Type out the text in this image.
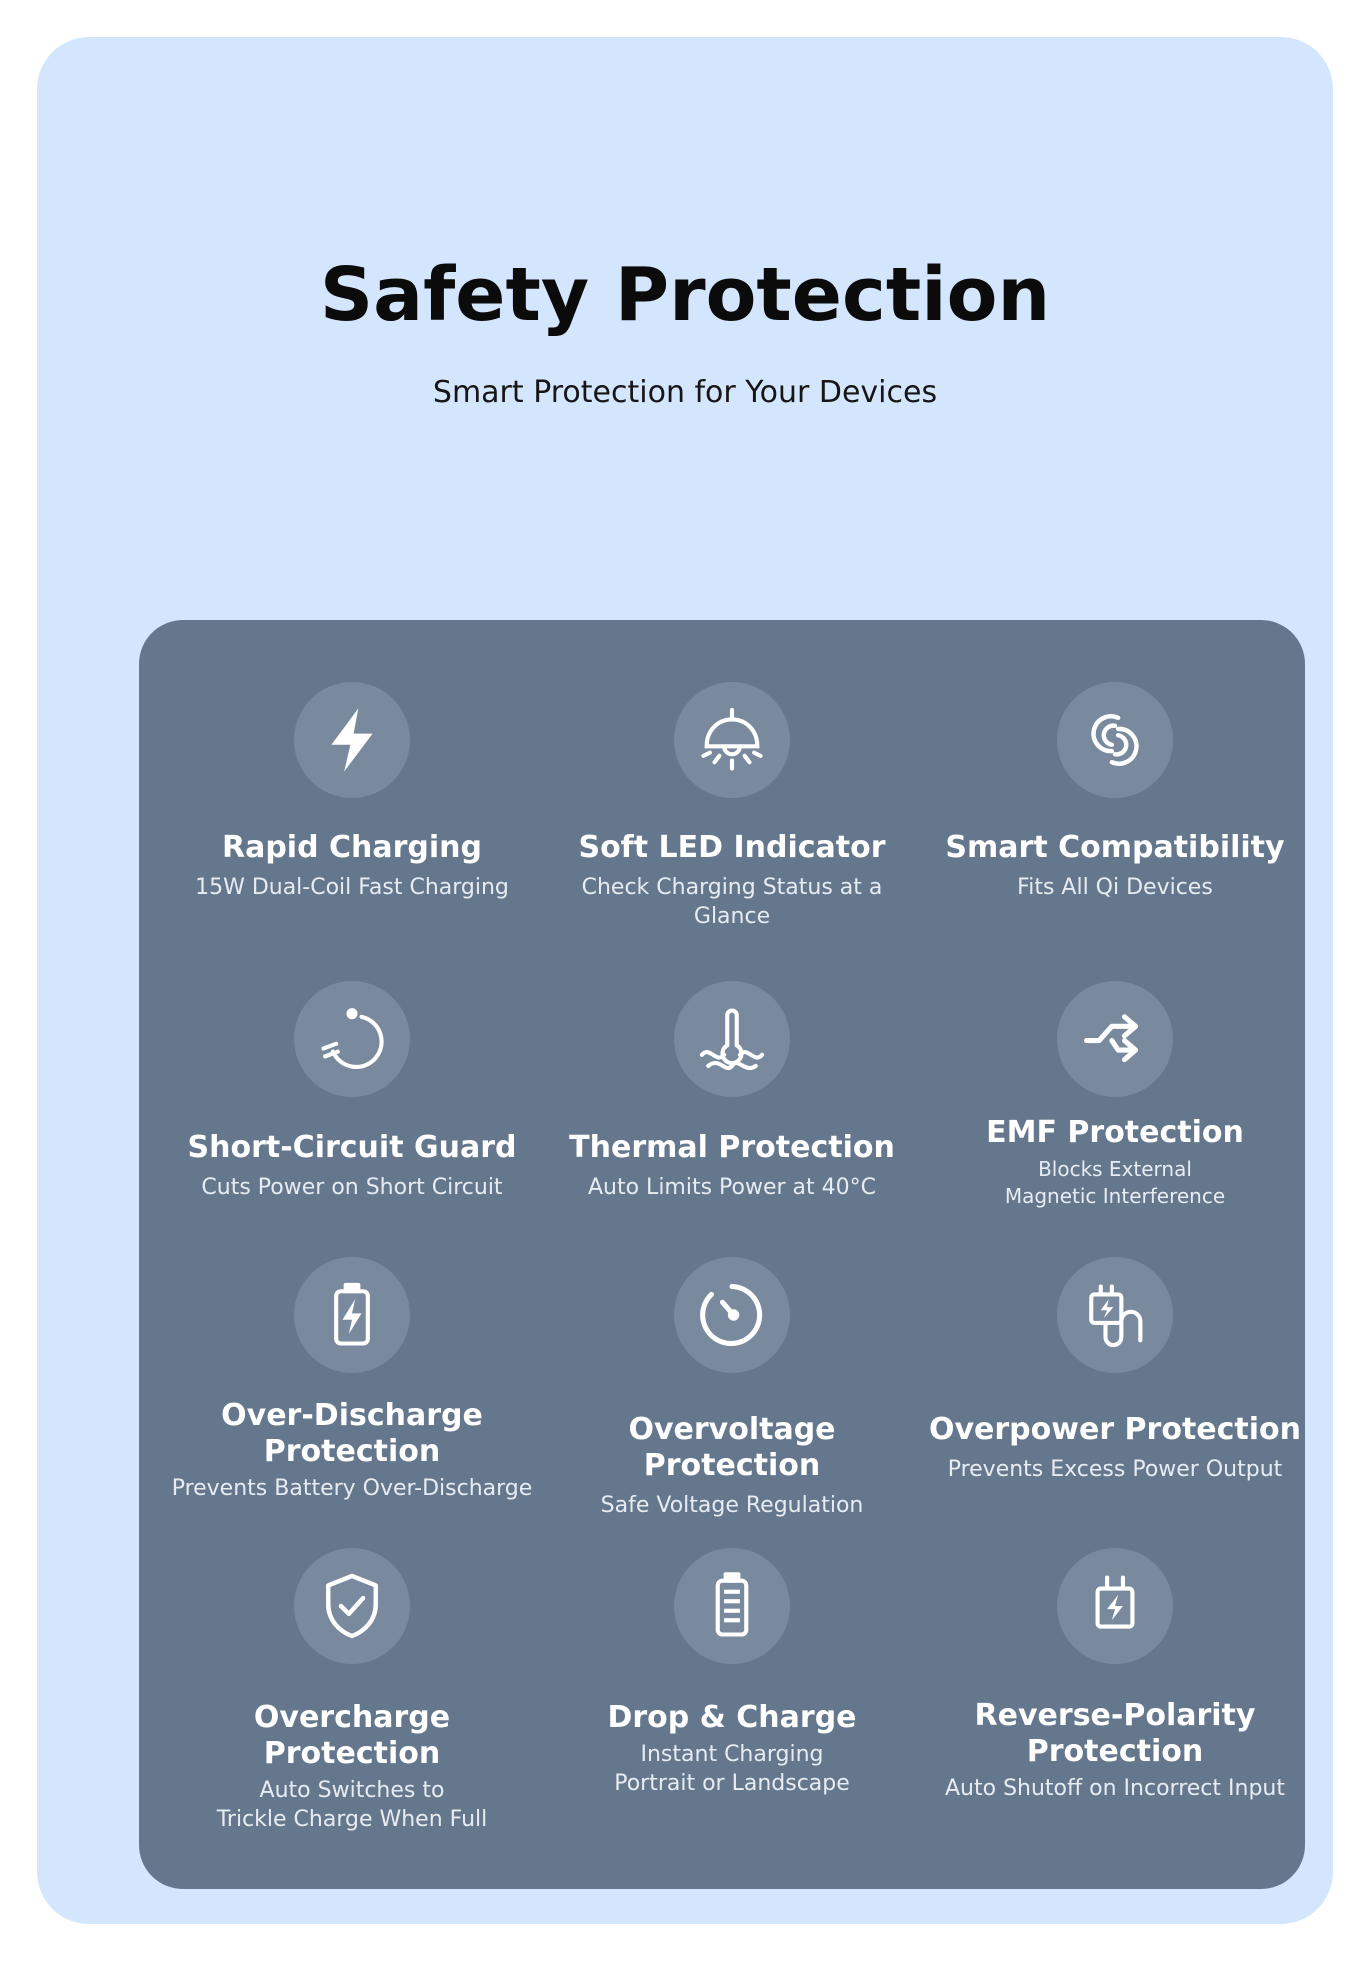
Safety Protection

Smart Protection for Your Devices

Rapid Charging
15W Dual-Coil Fast Charging
Soft LED Indicator
Check Charging Status at a Glance
Smart Compatibility
Fits All Qi Devices
Short-Circuit Guard
Cuts Power on Short Circuit
Thermal Protection
Auto Limits Power at 40°C
EMF Protection
Blocks External
Magnetic Interference
Over-Discharge
Protection
Prevents Battery Over-Discharge
Overvoltage Protection
Safe Voltage Regulation
Overpower Protection
Prevents Excess Power Output
Overcharge Protection
Auto Switches to
Trickle Charge When Full
Drop & Charge
Instant Charging
Portrait or Landscape
Reverse-Polarity
Protection
Auto Shutoff on Incorrect Input
